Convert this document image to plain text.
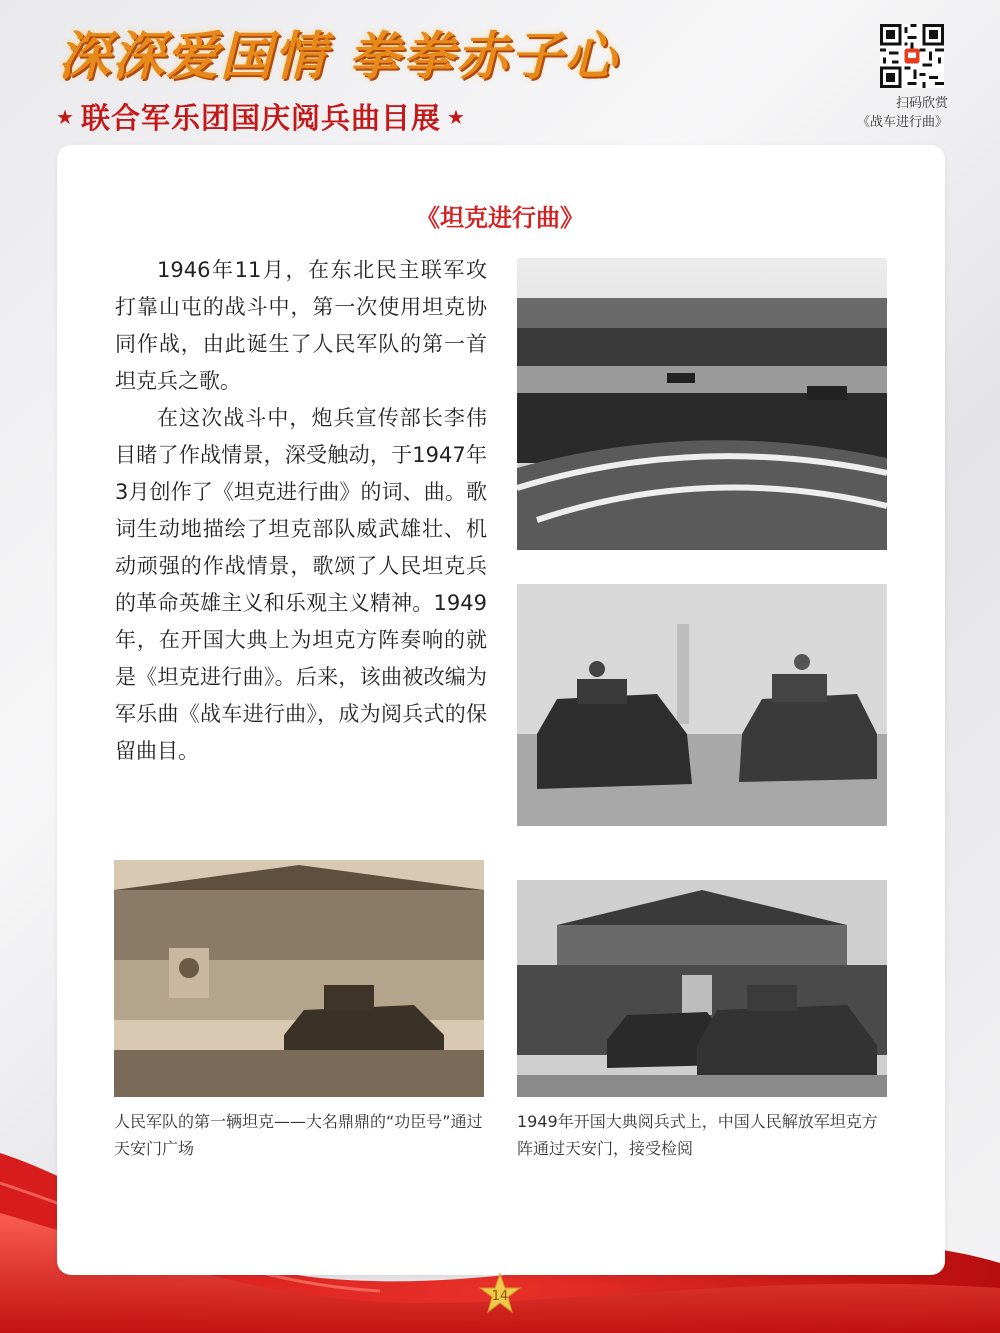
深深爱国情 拳拳赤子心
★ 联合军乐团国庆阅兵曲目展 ★
扫码欣赏
《战车进行曲》
《坦克进行曲》

1946年11月，在东北民主联军攻打靠山屯的战斗中，第一次使用坦克协同作战，由此诞生了人民军队的第一首坦克兵之歌。

在这次战斗中，炮兵宣传部长李伟目睹了作战情景，深受触动，于1947年3月创作了《坦克进行曲》的词、曲。歌词生动地描绘了坦克部队威武雄壮、机动顽强的作战情景，歌颂了人民坦克兵的革命英雄主义和乐观主义精神。1949年，在开国大典上为坦克方阵奏响的就是《坦克进行曲》。后来，该曲被改编为军乐曲《战车进行曲》，成为阅兵式的保留曲目。

人民军队的第一辆坦克——大名鼎鼎的“功臣号”通过天安门广场
1949年开国大典阅兵式上，中国人民解放军坦克方阵通过天安门，接受检阅
14
